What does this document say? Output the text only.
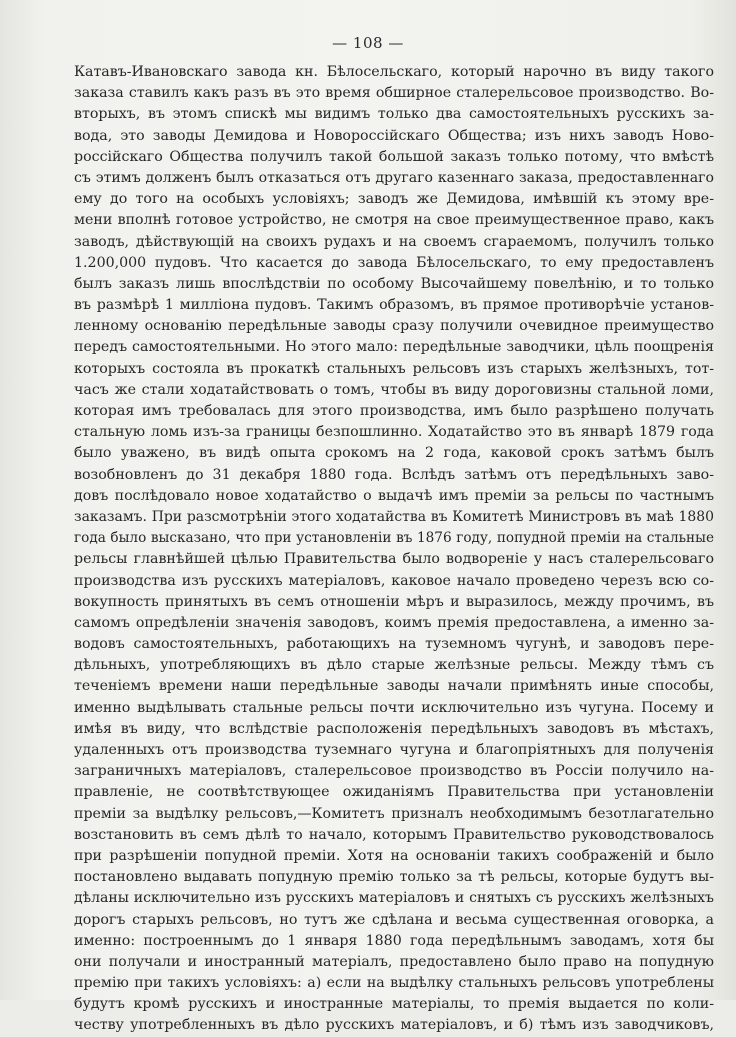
— 108 —
Катавъ-Ивановскаго завода кн. Бѣлосельскаго, который нарочно въ виду такого
заказа ставилъ какъ разъ въ это время обширное сталерельсовое производство. Во-
вторыхъ, въ этомъ спискѣ мы видимъ только два самостоятельныхъ русскихъ за-
вода, это заводы Демидова и Новороссійскаго Общества; изъ нихъ заводъ Ново-
россійскаго Общества получилъ такой большой заказъ только потому, что вмѣстѣ
съ этимъ долженъ былъ отказаться отъ другаго казеннаго заказа, предоставленнаго
ему до того на особыхъ условіяхъ; заводъ же Демидова, имѣвшій къ этому вре-
мени вполнѣ готовое устройство, не смотря на свое преимущественное право, какъ
заводъ, дѣйствующій на своихъ рудахъ и на своемъ сгараемомъ, получилъ только
1.200,000 пудовъ. Что касается до завода Бѣлосельскаго, то ему предоставленъ
былъ заказъ лишь впослѣдствіи по особому Высочайшему повелѣнію, и то только
въ размѣрѣ 1 милліона пудовъ. Такимъ образомъ, въ прямое противорѣчіе установ-
ленному основанію передѣльные заводы сразу получили очевидное преимущество
передъ самостоятельными. Но этого мало: передѣльные заводчики, цѣль поощренія
которыхъ состояла въ прокаткѣ стальныхъ рельсовъ изъ старыхъ желѣзныхъ, тот-
часъ же стали ходатайствовать о томъ, чтобы въ виду дороговизны стальной ломи,
которая имъ требовалась для этого производства, имъ было разрѣшено получать
стальную ломь изъ-за границы безпошлинно. Ходатайство это въ январѣ 1879 года
было уважено, въ видѣ опыта срокомъ на 2 года, каковой срокъ затѣмъ былъ
возобновленъ до 31 декабря 1880 года. Вслѣдъ затѣмъ отъ передѣльныхъ заво-
довъ послѣдовало новое ходатайство о выдачѣ имъ преміи за рельсы по частнымъ
заказамъ. При разсмотрѣніи этого ходатайства въ Комитетѣ Министровъ въ маѣ 1880
года было высказано, что при установленіи въ 1876 году, попудной преміи на стальные
рельсы главнѣйшей цѣлью Правительства было водвореніе у насъ сталерельсоваго
производства изъ русскихъ матеріаловъ, каковое начало проведено черезъ всю со-
вокупность принятыхъ въ семъ отношеніи мѣръ и выразилось, между прочимъ, въ
самомъ опредѣленіи значенія заводовъ, коимъ премія предоставлена, а именно за-
водовъ самостоятельныхъ, работающихъ на туземномъ чугунѣ, и заводовъ пере-
дѣльныхъ, употребляющихъ въ дѣло старые желѣзные рельсы. Между тѣмъ съ
теченіемъ времени наши передѣльные заводы начали примѣнять иные способы,
именно выдѣлывать стальные рельсы почти исключительно изъ чугуна. Посему и
имѣя въ виду, что вслѣдствіе расположенія передѣльныхъ заводовъ въ мѣстахъ,
удаленныхъ отъ производства туземнаго чугуна и благопріятныхъ для полученія
заграничныхъ матеріаловъ, сталерельсовое производство въ Россіи получило на-
правленіе, не соотвѣтствующее ожиданіямъ Правительства при установленіи
преміи за выдѣлку рельсовъ,—Комитетъ призналъ необходимымъ безотлагательно
возстановить въ семъ дѣлѣ то начало, которымъ Правительство руководствовалось
при разрѣшеніи попудной преміи. Хотя на основаніи такихъ соображеній и было
постановлено выдавать попудную премію только за тѣ рельсы, которые будутъ вы-
дѣланы исключительно изъ русскихъ матеріаловъ и снятыхъ съ русскихъ желѣзныхъ
дорогъ старыхъ рельсовъ, но тутъ же сдѣлана и весьма существенная оговорка, а
именно: построеннымъ до 1 января 1880 года передѣльнымъ заводамъ, хотя бы
они получали и иностранный матеріалъ, предоставлено было право на попудную
премію при такихъ условіяхъ: а) если на выдѣлку стальныхъ рельсовъ употреблены
будутъ кромѣ русскихъ и иностранные матеріалы, то премія выдается по коли-
честву употребленныхъ въ дѣло русскихъ матеріаловъ, и б) тѣмъ изъ заводчиковъ,
